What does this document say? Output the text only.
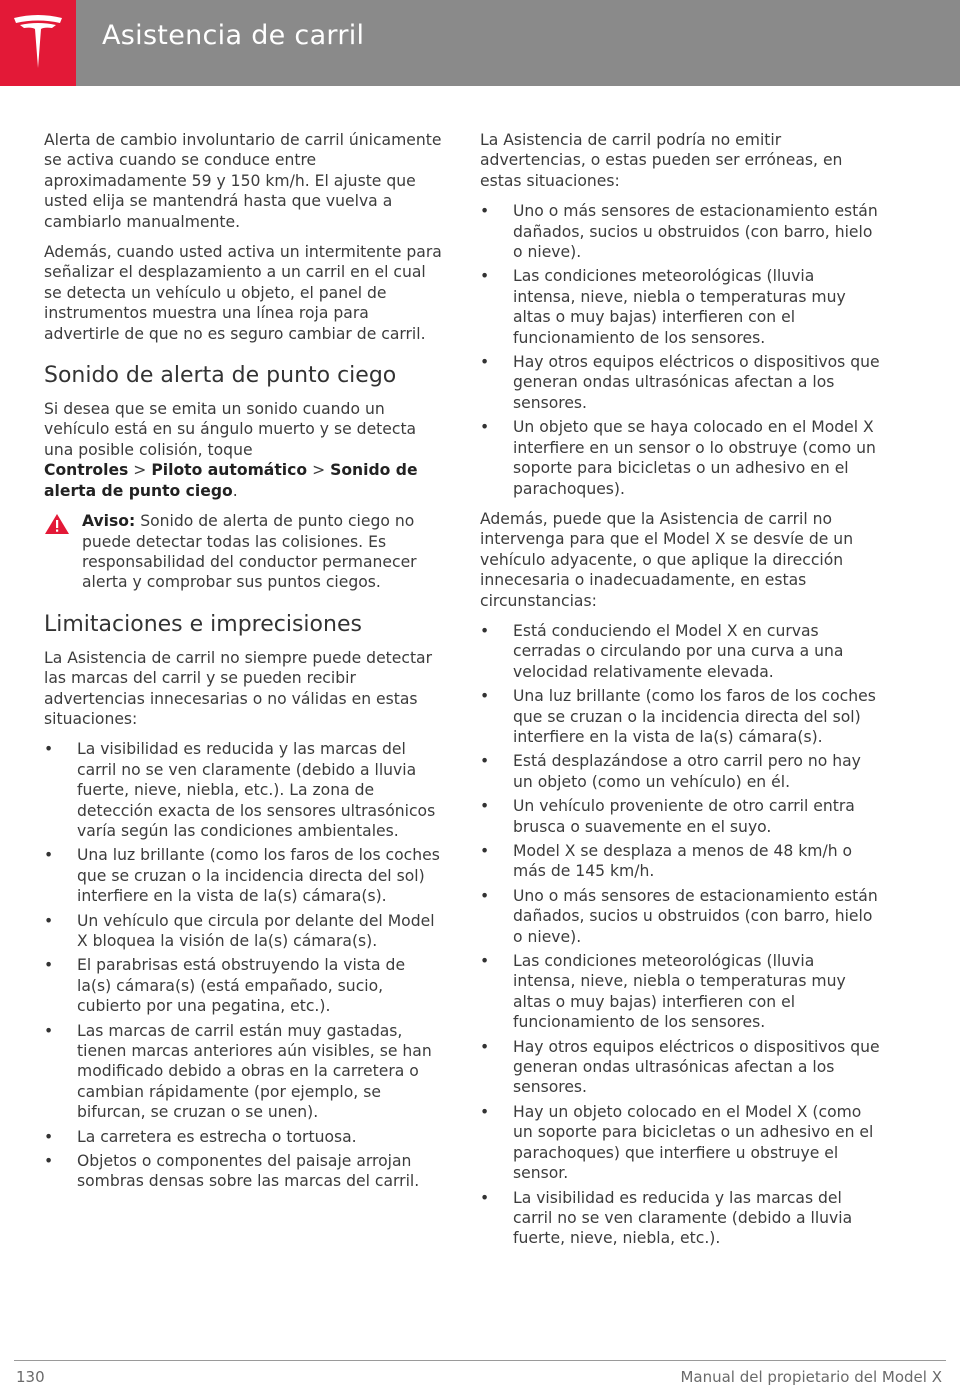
Asistencia de carril

Alerta de cambio involuntario de carril únicamente se activa cuando se conduce entre aproximadamente 59 y 150 km/h. El ajuste que usted elija se mantendrá hasta que vuelva a cambiarlo manualmente.

Además, cuando usted activa un intermitente para señalizar el desplazamiento a un carril en el cual se detecta un vehículo u objeto, el panel de instrumentos muestra una línea roja para advertirle de que no es seguro cambiar de carril.

Sonido de alerta de punto ciego

Si desea que se emita un sonido cuando un vehículo está en su ángulo muerto y se detecta una posible colisión, toque
Controles > Piloto automático > Sonido de alerta de punto ciego.

Aviso: Sonido de alerta de punto ciego no puede detectar todas las colisiones. Es responsabilidad del conductor permanecer alerta y comprobar sus puntos ciegos.
Limitaciones e imprecisiones

La Asistencia de carril no siempre puede detectar las marcas del carril y se pueden recibir advertencias innecesarias o no válidas en estas situaciones:

• La visibilidad es reducida y las marcas del carril no se ven claramente (debido a lluvia fuerte, nieve, niebla, etc.). La zona de detección exacta de los sensores ultrasónicos varía según las condiciones ambientales.
• Una luz brillante (como los faros de los coches que se cruzan o la incidencia directa del sol) interfiere en la vista de la(s) cámara(s).
• Un vehículo que circula por delante del Model X bloquea la visión de la(s) cámara(s).
• El parabrisas está obstruyendo la vista de la(s) cámara(s) (está empañado, sucio, cubierto por una pegatina, etc.).
• Las marcas de carril están muy gastadas, tienen marcas anteriores aún visibles, se han modificado debido a obras en la carretera o cambian rápidamente (por ejemplo, se bifurcan, se cruzan o se unen).
• La carretera es estrecha o tortuosa.
• Objetos o componentes del paisaje arrojan sombras densas sobre las marcas del carril.

La Asistencia de carril podría no emitir advertencias, o estas pueden ser erróneas, en estas situaciones:

• Uno o más sensores de estacionamiento están dañados, sucios u obstruidos (con barro, hielo o nieve).
• Las condiciones meteorológicas (lluvia intensa, nieve, niebla o temperaturas muy altas o muy bajas) interfieren con el funcionamiento de los sensores.
• Hay otros equipos eléctricos o dispositivos que generan ondas ultrasónicas afectan a los sensores.
• Un objeto que se haya colocado en el Model X interfiere en un sensor o lo obstruye (como un soporte para bicicletas o un adhesivo en el parachoques).

Además, puede que la Asistencia de carril no intervenga para que el Model X se desvíe de un vehículo adyacente, o que aplique la dirección innecesaria o inadecuadamente, en estas circunstancias:

• Está conduciendo el Model X en curvas cerradas o circulando por una curva a una velocidad relativamente elevada.
• Una luz brillante (como los faros de los coches que se cruzan o la incidencia directa del sol) interfiere en la vista de la(s) cámara(s).
• Está desplazándose a otro carril pero no hay un objeto (como un vehículo) en él.
• Un vehículo proveniente de otro carril entra brusca o suavemente en el suyo.
• Model X se desplaza a menos de 48 km/h o más de 145 km/h.
• Uno o más sensores de estacionamiento están dañados, sucios u obstruidos (con barro, hielo o nieve).
• Las condiciones meteorológicas (lluvia intensa, nieve, niebla o temperaturas muy altas o muy bajas) interfieren con el funcionamiento de los sensores.
• Hay otros equipos eléctricos o dispositivos que generan ondas ultrasónicas afectan a los sensores.
• Hay un objeto colocado en el Model X (como un soporte para bicicletas o un adhesivo en el parachoques) que interfiere u obstruye el sensor.
• La visibilidad es reducida y las marcas del carril no se ven claramente (debido a lluvia fuerte, nieve, niebla, etc.).
130	Manual del propietario del Model X
